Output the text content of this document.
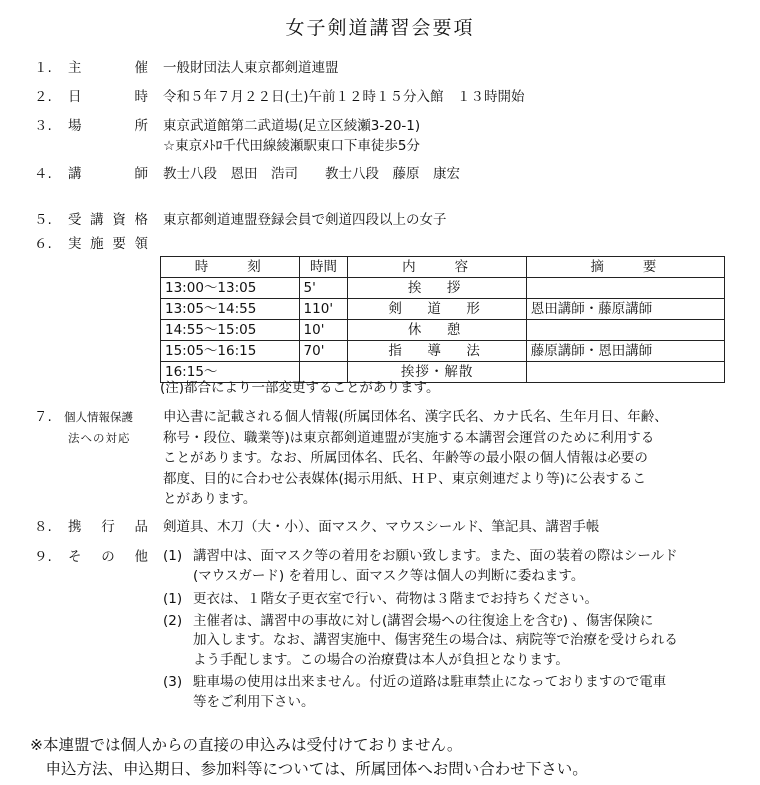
女子剣道講習会要項
１.	主	催 一般財団法人東京都剣道連盟
２.	日	時 令和５年７月２２日(土)午前１２時１５分入館　１３時開始
３.	場	所 東京武道館第二武道場(足立区綾瀬3-20-1)
☆東京ﾒﾄﾛ千代田線綾瀬駅東口下車徒歩5分
４.	講	師 教士八段　恩田　浩司　　教士八段　藤原　康宏
５.	受 講 資 格 東京都剣道連盟登録会員で剣道四段以上の女子
６.	実 施 要 領
時　　刻	時間	内　　容	摘　　要
13:00～13:05	5'	挨　拶	
13:05～14:55	110'	剣　道　形	恩田講師・藤原講師
14:55～15:05	10'	休　憩	
15:05～16:15	70'	指　導　法	藤原講師・恩田講師
16:15～		挨拶・解散	
(注)都合により一部変更することがあります。
７.	個人情報保護
法への対応
申込書に記載される個人情報(所属団体名、漢字氏名、カナ氏名、生年月日、年齢、
称号・段位、職業等)は東京都剣道連盟が実施する本講習会運営のために利用する
ことがあります。なお、所属団体名、氏名、年齢等の最小限の個人情報は必要の
都度、目的に合わせ公表媒体(掲示用紙、ＨＰ、東京剣連だより等)に公表するこ
とがあります。
８.	携 行 品 剣道具、木刀（大・小）、面マスク、マウスシールド、筆記具、講習手帳
９.	そ の 他 (1) 講習中は、面マスク等の着用をお願い致します。また、面の装着の際はシールド
(マウスガード) を着用し、面マスク等は個人の判断に委ねます。
(1) 更衣は、１階女子更衣室で行い、荷物は３階までお持ちください。
(2) 主催者は、講習中の事故に対し(講習会場への往復途上を含む) 、傷害保険に
加入します。なお、講習実施中、傷害発生の場合は、病院等で治療を受けられる
よう手配します。この場合の治療費は本人が負担となります。
(3) 駐車場の使用は出来ません。付近の道路は駐車禁止になっておりますので電車
等をご利用下さい。
※本連盟では個人からの直接の申込みは受付けておりません。
　申込方法、申込期日、参加料等については、所属団体へお問い合わせ下さい。
